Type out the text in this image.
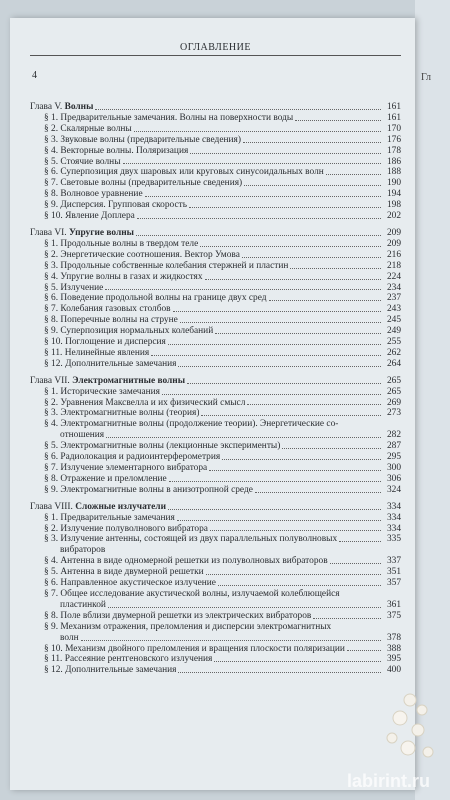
Гл
ОГЛАВЛЕНИЕ
4
Глава V. Волны	161
§ 1. Предварительные замечания. Волны на поверхности воды	161
§ 2. Скалярные волны	170
§ 3. Звуковые волны (предварительные сведения)	176
§ 4. Векторные волны. Поляризация	178
§ 5. Стоячие волны	186
§ 6. Суперпозиция двух шаровых или круговых синусоидальных волн	188
§ 7. Световые волны (предварительные сведения)	190
§ 8. Волновое уравнение	194
§ 9. Дисперсия. Групповая скорость	198
§ 10. Явление Доплера	202
Глава VI. Упругие волны	209
§ 1. Продольные волны в твердом теле	209
§ 2. Энергетические соотношения. Вектор Умова	216
§ 3. Продольные собственные колебания стержней и пластин	218
§ 4. Упругие волны в газах и жидкостях	224
§ 5. Излучение	234
§ 6. Поведение продольной волны на границе двух сред	237
§ 7. Колебания газовых столбов	243
§ 8. Поперечные волны на струне	245
§ 9. Суперпозиция нормальных колебаний	249
§ 10. Поглощение и дисперсия	255
§ 11. Нелинейные явления	262
§ 12. Дополнительные замечания	264
Глава VII. Электромагнитные волны	265
§ 1. Исторические замечания	265
§ 2. Уравнения Максвелла и их физический смысл	269
§ 3. Электромагнитные волны (теория)	273
§ 4. Электромагнитные волны (продолжение теории). Энергетические со-
отношения	282
§ 5. Электромагнитные волны (лекционные эксперименты)	287
§ 6. Радиолокация и радиоинтерферометрия	295
§ 7. Излучение элементарного вибратора	300
§ 8. Отражение и преломление	306
§ 9. Электромагнитные волны в анизотропной среде	324
Глава VIII. Сложные излучатели	334
§ 1. Предварительные замечания	334
§ 2. Излучение полуволнового вибратора	334
§ 3. Излучение антенны, состоящей из двух параллельных полуволновых	335
вибраторов
§ 4. Антенна в виде одномерной решетки из полуволновых вибраторов	337
§ 5. Антенна в виде двумерной решетки	351
§ 6. Направленное акустическое излучение	357
§ 7. Общее исследование акустической волны, излучаемой колеблющейся
пластинкой	361
§ 8. Поле вблизи двумерной решетки из электрических вибраторов	375
§ 9. Механизм отражения, преломления и дисперсии электромагнитных
волн	378
§ 10. Механизм двойного преломления и вращения плоскости поляризации	388
§ 11. Рассеяние рентгеновского излучения	395
§ 12. Дополнительные замечания	400
labirint.ru
